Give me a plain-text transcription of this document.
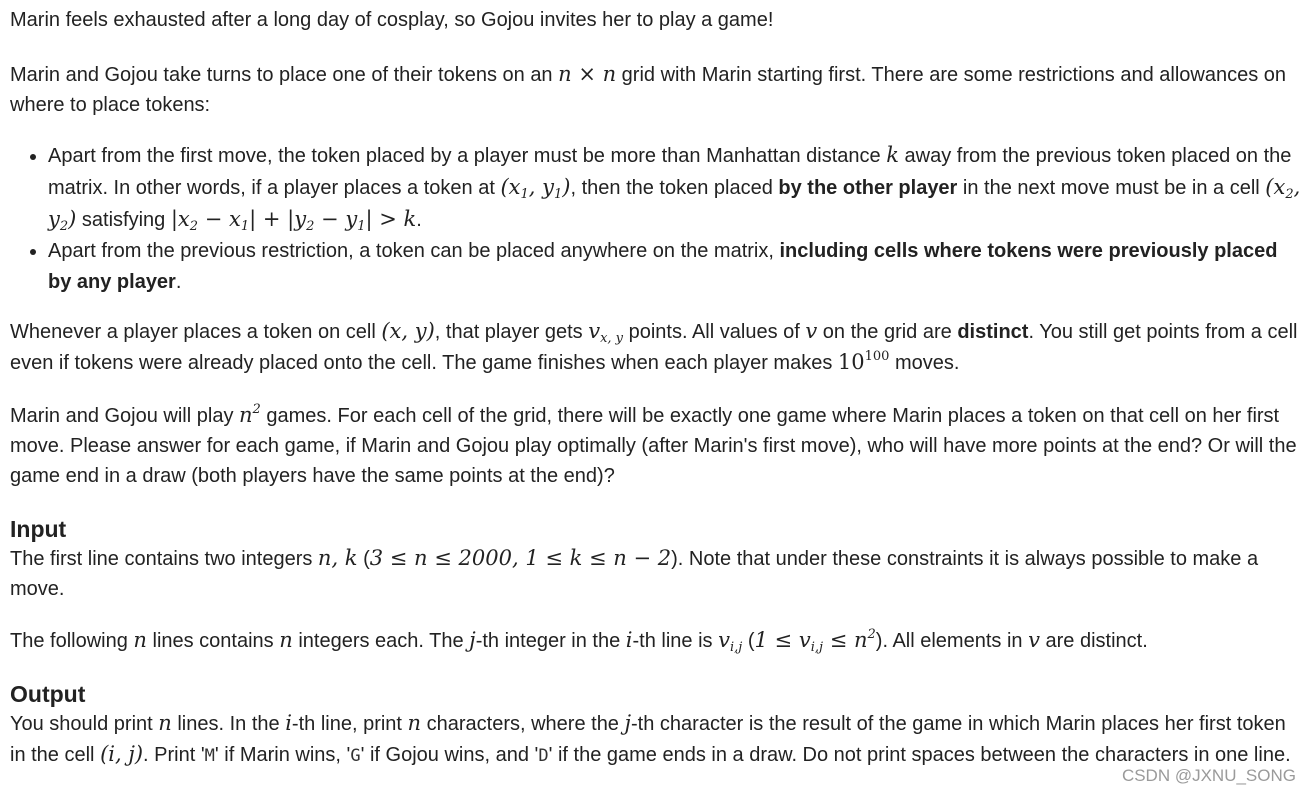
Marin feels exhausted after a long day of cosplay, so Gojou invites her to play a game!

Marin and Gojou take turns to place one of their tokens on an n × n grid with Marin starting first. There are some restrictions and allowances on where to place tokens:

• Apart from the first move, the token placed by a player must be more than Manhattan distance k away from the previous token placed on the matrix. In other words, if a player places a token at ($x_1$, $y_1$), then the token placed by the other player in the next move must be in a cell ($x_2$, $y_2$) satisfying $|x_2 - x_1| + |y_2 - y_1| > k$.
• Apart from the previous restriction, a token can be placed anywhere on the matrix, including cells where tokens were previously placed by any player.

Whenever a player places a token on cell (x, y), that player gets $v_{x, y}$ points. All values of v on the grid are distinct. You still get points from a cell even if tokens were already placed onto the cell. The game finishes when each player makes $10^{100}$ moves.

Marin and Gojou will play $n^2$ games. For each cell of the grid, there will be exactly one game where Marin places a token on that cell on her first move. Please answer for each game, if Marin and Gojou play optimally (after Marin's first move), who will have more points at the end? Or will the game end in a draw (both players have the same points at the end)?

Input

The first line contains two integers n, k (3 ≤ n ≤ 2000, 1 ≤ k ≤ n − 2). Note that under these constraints it is always possible to make a move.

The following n lines contains n integers each. The j-th integer in the i-th line is $v_{i,j}$ $(1 \le v_{i,j} \le n^2)$. All elements in v are distinct.

Output

You should print n lines. In the i-th line, print n characters, where the j-th character is the result of the game in which Marin places her first token in the cell (i, j). Print 'M' if Marin wins, 'G' if Gojou wins, and 'D' if the game ends in a draw. Do not print spaces between the characters in one line.

CSDN @JXNU_SONG
